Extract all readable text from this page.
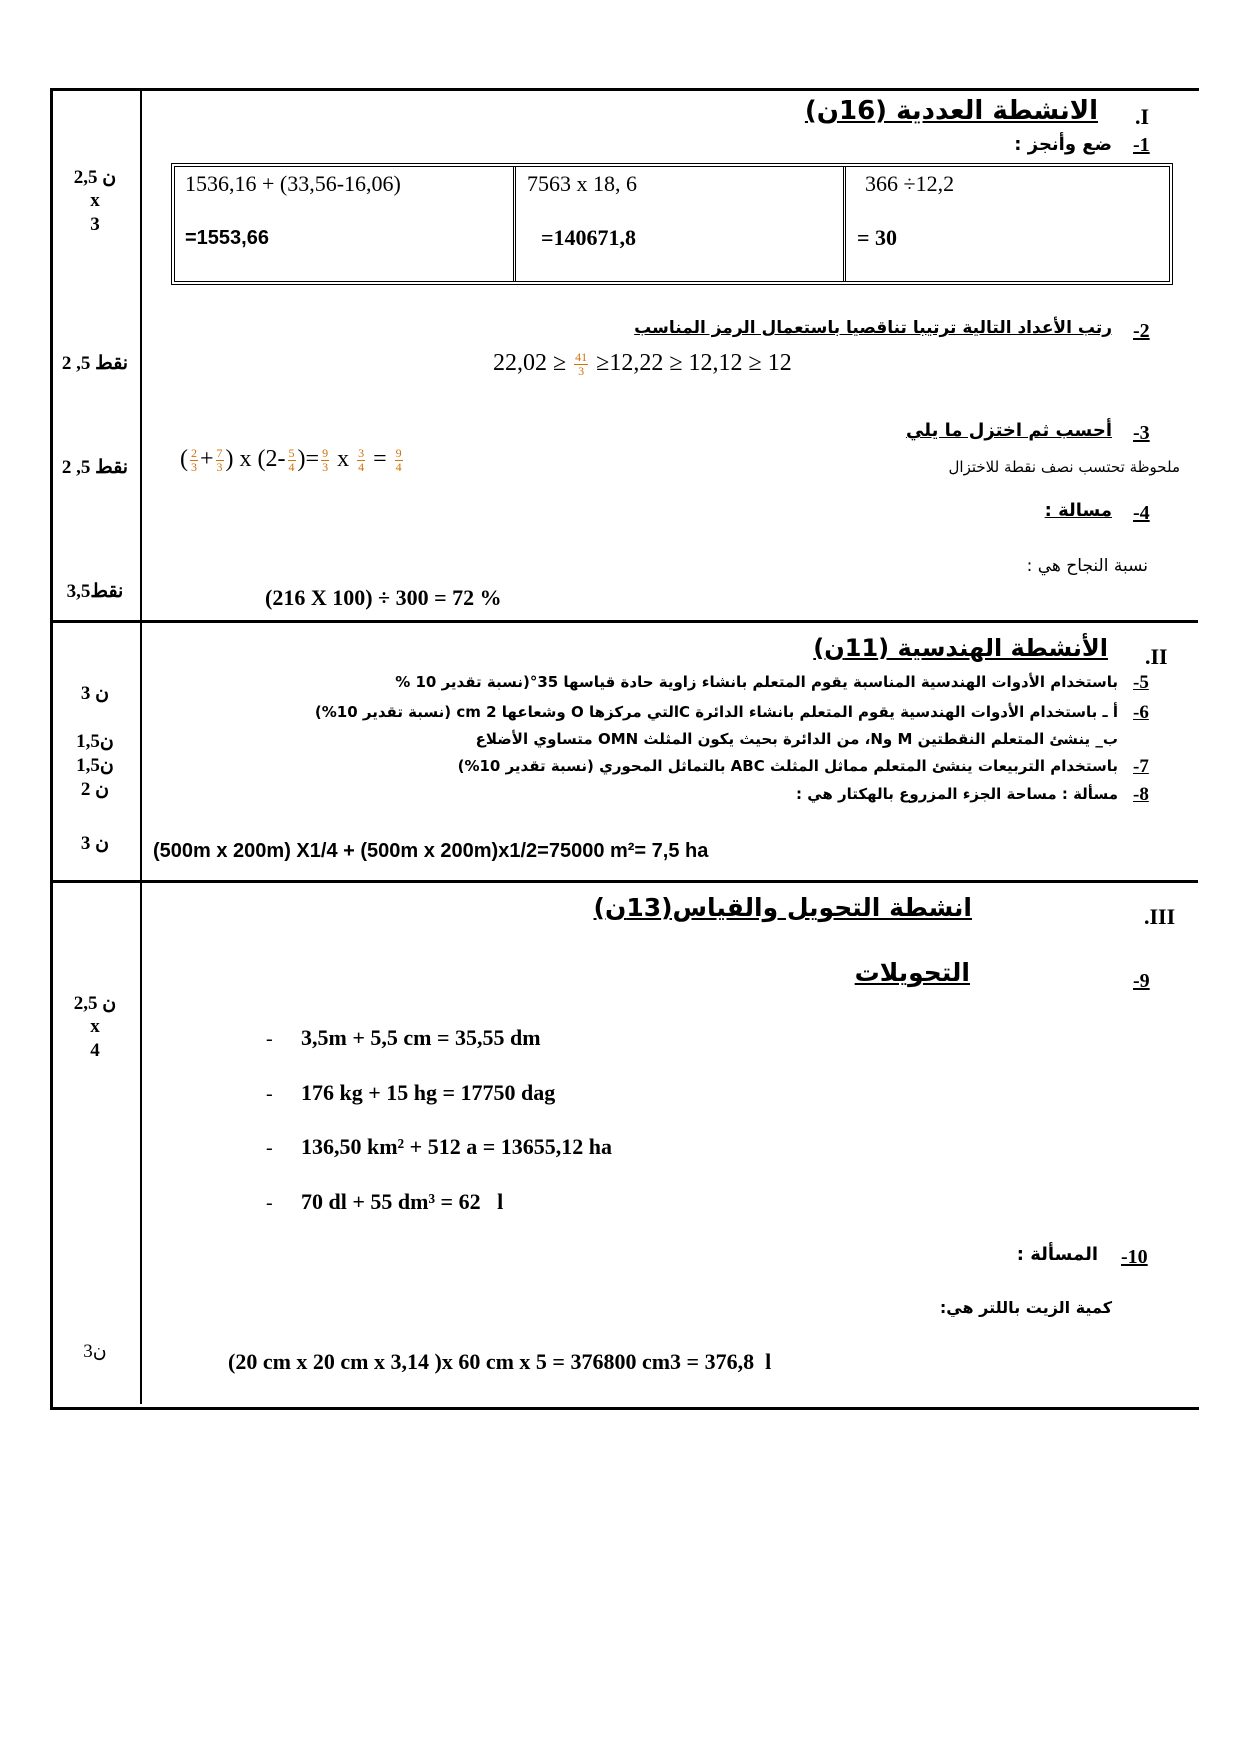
.I
الانشطة العددية (16ن)
-1
ضع وأنجز :
1536,16 + (33,56-16,06)
=1553,66
7563 x 18, 6
=140671,8
366 ÷12,2
= 30
2,5 ن
x
3
-2
رتب الأعداد التالية ترتيبا تناقصيا باستعمال الرمز المناسب
$22,02 \ge \frac{41}{3} \ge 12,22 \ge 12,12 \ge 12$
2 ,5 نقط
-3
أحسب ثم اختزل ما يلي
ملحوظة تحتسب نصف نقطة للاختزال
( $\frac{2}{3} + \frac{7}{3}$ ) x ($2- \frac{5}{4}$ )= $\frac{9}{3}$ x $\frac{3}{4} = \frac{9}{4}$
2 ,5 نقط
-4
مسالة :
نسبة النجاح هي :
(216 X 100) ÷ 300 = 72 %
3,5نقط
.II
الأنشطة الهندسية (11ن)
-5
باستخدام الأدوات الهندسية المناسبة يقوم المتعلم بانشاء زاوية حادة قياسها 35°(نسبة تقدير 10 %
-6
أ ـ باستخدام الأدوات الهندسية يقوم المتعلم بانشاء الدائرة Cالتي مركزها O وشعاعها 2 cm (نسبة تقدير 10%)
ب_ ينشئ المتعلم النقطتين M وN، من الدائرة بحيث يكون المثلث OMN متساوي الأضلاع
-7
باستخدام التربيعات ينشئ المتعلم مماثل المثلث ABC بالتماثل المحوري (نسبة تقدير 10%)
-8
مسألة : مساحة الجزء المزروع بالهكتار هي :
(500m x 200m) X1/4 + (500m x 200m)x1/2=75000 m²= 7,5 ha
3 ن
1,5ن
1,5ن
2 ن
3 ن
.III
انشطة التحويل والقياس(13ن)
-9
التحويلات
- 3,5m + 5,5 cm = 35,55 dm
- 176 kg + 15 hg = 17750 dag
- 136,50 km² + 512 a = 13655,12 ha
- 70 dl + 55 dm³ = 62   l
-10
المسألة :
كمية الزيت باللتر هي:
(20 cm x 20 cm x 3,14 )x 60 cm x 5 = 376800 cm3 = 376,8  l
2,5 ن
x
4
3ن
